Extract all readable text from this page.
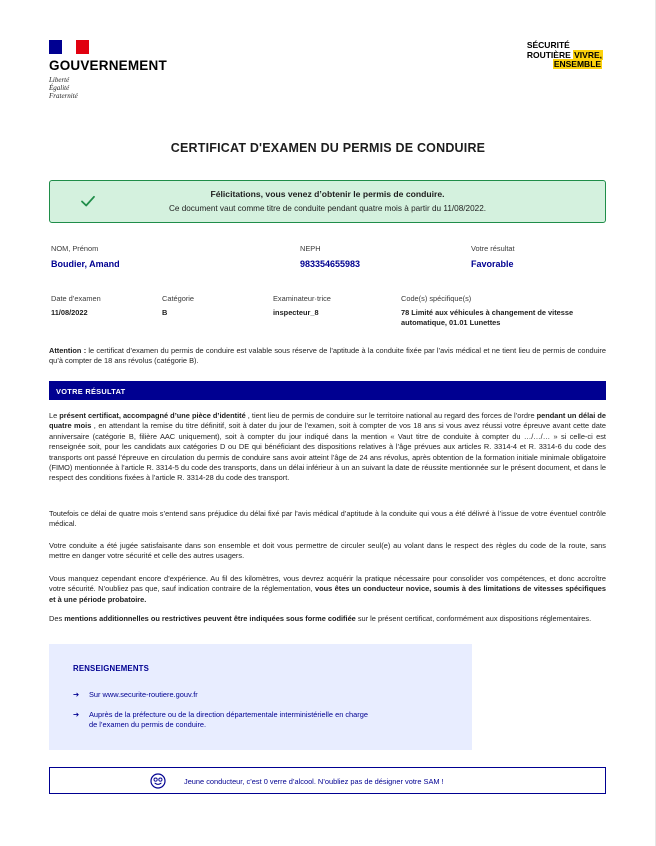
GOUVERNEMENT
Liberté
Égalité
Fraternité
SÉCURITÉ
ROUTIÈRE VIVRE,
ENSEMBLE
CERTIFICAT D'EXAMEN DU PERMIS DE CONDUIRE
Félicitations, vous venez d’obtenir le permis de conduire.
Ce document vaut comme titre de conduite pendant quatre mois à partir du 11/08/2022.
NOM, Prénom
Boudier, Amand
NEPH
983354655983
Votre résultat
Favorable
Date d’examen
11/08/2022
Catégorie
B
Examinateur·trice
inspecteur_8
Code(s) spécifique(s)
78 Limité aux véhicules à changement de vitesse
automatique, 01.01 Lunettes
Attention : le certificat d’examen du permis de conduire est valable sous réserve de l’aptitude à la conduite fixée par l’avis médical et ne tient lieu de permis de conduire qu’à compter de 18 ans révolus (catégorie B).
VOTRE RÉSULTAT
Le présent certificat, accompagné d’une pièce d’identité , tient lieu de permis de conduire sur le territoire national au regard des forces de l’ordre pendant un délai de quatre mois , en attendant la remise du titre définitif, soit à dater du jour de l’examen, soit à compter de vos 18 ans si vous avez réussi votre épreuve avant cette date anniversaire (catégorie B, filière AAC uniquement), soit à compter du jour indiqué dans la mention « Vaut titre de conduite à compter du …/…/… » si celle-ci est renseignée soit, pour les candidats aux catégories D ou DE qui bénéficiant des dispositions relatives à l’âge prévues aux articles R. 3314-4 et R. 3314-6 du code des transports ont passé l’épreuve en circulation du permis de conduire sans avoir atteint l’âge de 24 ans révolus, après obtention de la formation initiale minimale obligatoire (FIMO) mentionnée à l’article R. 3314-5 du code des transports, dans un délai inférieur à un an suivant la date de réussite mentionnée sur le présent document, et dans le respect des conditions fixées à l’article R. 3314-28 du code des transport.
Toutefois ce délai de quatre mois s’entend sans préjudice du délai fixé par l’avis médical d’aptitude à la conduite qui vous a été délivré à l’issue de votre éventuel contrôle médical.
Votre conduite a été jugée satisfaisante dans son ensemble et doit vous permettre de circuler seul(e) au volant dans le respect des règles du code de la route, sans mettre en danger votre sécurité et celle des autres usagers.
Vous manquez cependant encore d’expérience. Au fil des kilomètres, vous devrez acquérir la pratique nécessaire pour consolider vos compétences, et donc accroître votre sécurité. N’oubliez pas que, sauf indication contraire de la réglementation, vous êtes un conducteur novice, soumis à des limitations de vitesses spécifiques et à une période probatoire.
Des mentions additionnelles ou restrictives peuvent être indiquées sous forme codifiée sur le présent certificat, conformément aux dispositions réglementaires.
RENSEIGNEMENTS
➔ Sur www.securite-routiere.gouv.fr
➔ Auprès de la préfecture ou de la direction départementale interministérielle en charge
de l’examen du permis de conduire.
Jeune conducteur, c’est 0 verre d’alcool. N’oubliez pas de désigner votre SAM !
